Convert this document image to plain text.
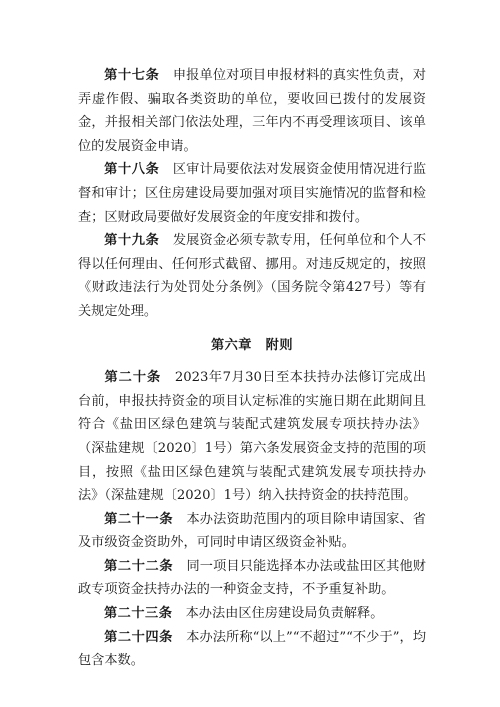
第十七条　 申报单位对项目申报材料的真实性负责，对弄虚作假、骗取各类资助的单位，要收回已拨付的发展资金，并报相关部门依法处理，三年内不再受理该项目、该单位的发展资金申请。

第十八条　 区审计局要依法对发展资金使用情况进行监督和审计；区住房建设局要加强对项目实施情况的监督和检查；区财政局要做好发展资金的年度安排和拨付。

第十九条　 发展资金必须专款专用，任何单位和个人不得以任何理由、任何形式截留、挪用。对违反规定的，按照《财政违法行为处罚处分条例》（国务院令第427号）等有关规定处理。

第六章　附则

第二十条　 2023年7月30日至本扶持办法修订完成出台前，申报扶持资金的项目认定标准的实施日期在此期间且符合《盐田区绿色建筑与装配式建筑发展专项扶持办法》（深盐建规〔2020〕1号）第六条发展资金支持的范围的项目，按照《盐田区绿色建筑与装配式建筑发展专项扶持办法》（深盐建规〔2020〕1号）纳入扶持资金的扶持范围。

第二十一条　 本办法资助范围内的项目除申请国家、省及市级资金资助外，可同时申请区级资金补贴。

第二十二条　 同一项目只能选择本办法或盐田区其他财政专项资金扶持办法的一种资金支持，不予重复补助。

第二十三条　 本办法由区住房建设局负责解释。

第二十四条　 本办法所称“以上”“不超过”“不少于”，均包含本数。
